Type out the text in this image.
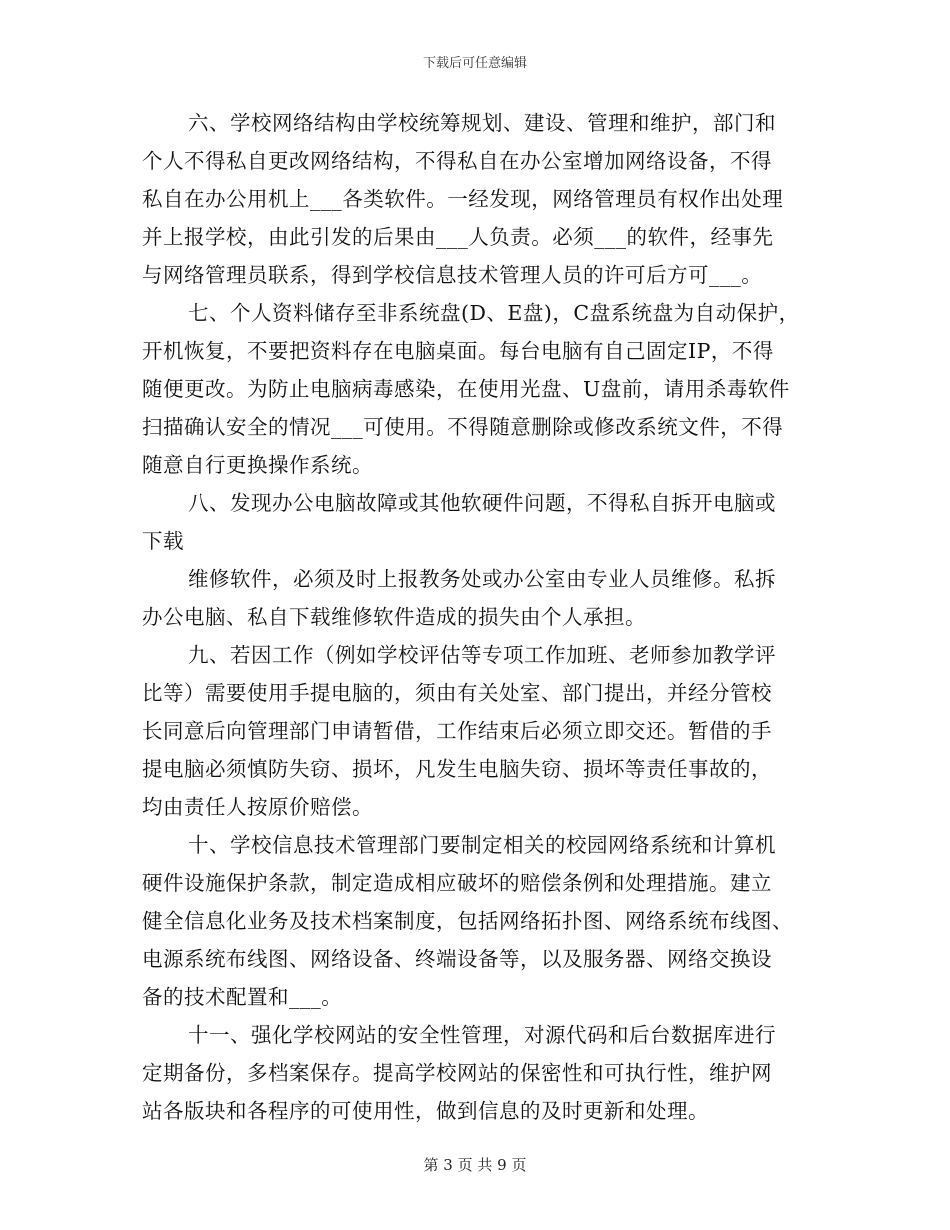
下载后可任意编辑
六、学校网络结构由学校统筹规划、建设、管理和维护，部门和
个人不得私自更改网络结构，不得私自在办公室增加网络设备，不得
私自在办公用机上___各类软件。一经发现，网络管理员有权作出处理
并上报学校，由此引发的后果由___人负责。必须___的软件，经事先
与网络管理员联系，得到学校信息技术管理人员的许可后方可___。
七、个人资料储存至非系统盘(D、E盘)，C盘系统盘为自动保护，
开机恢复，不要把资料存在电脑桌面。每台电脑有自己固定IP，不得
随便更改。为防止电脑病毒感染，在使用光盘、U盘前，请用杀毒软件
扫描确认安全的情况___可使用。不得随意删除或修改系统文件，不得
随意自行更换操作系统。
八、发现办公电脑故障或其他软硬件问题，不得私自拆开电脑或
下载
维修软件，必须及时上报教务处或办公室由专业人员维修。私拆
办公电脑、私自下载维修软件造成的损失由个人承担。
九、若因工作（例如学校评估等专项工作加班、老师参加教学评
比等）需要使用手提电脑的，须由有关处室、部门提出，并经分管校
长同意后向管理部门申请暂借，工作结束后必须立即交还。暂借的手
提电脑必须慎防失窃、损坏，凡发生电脑失窃、损坏等责任事故的，
均由责任人按原价赔偿。
十、学校信息技术管理部门要制定相关的校园网络系统和计算机
硬件设施保护条款，制定造成相应破坏的赔偿条例和处理措施。建立
健全信息化业务及技术档案制度，包括网络拓扑图、网络系统布线图、
电源系统布线图、网络设备、终端设备等，以及服务器、网络交换设
备的技术配置和___。
十一、强化学校网站的安全性管理，对源代码和后台数据库进行
定期备份，多档案保存。提高学校网站的保密性和可执行性，维护网
站各版块和各程序的可使用性，做到信息的及时更新和处理。
第 3 页 共 9 页
